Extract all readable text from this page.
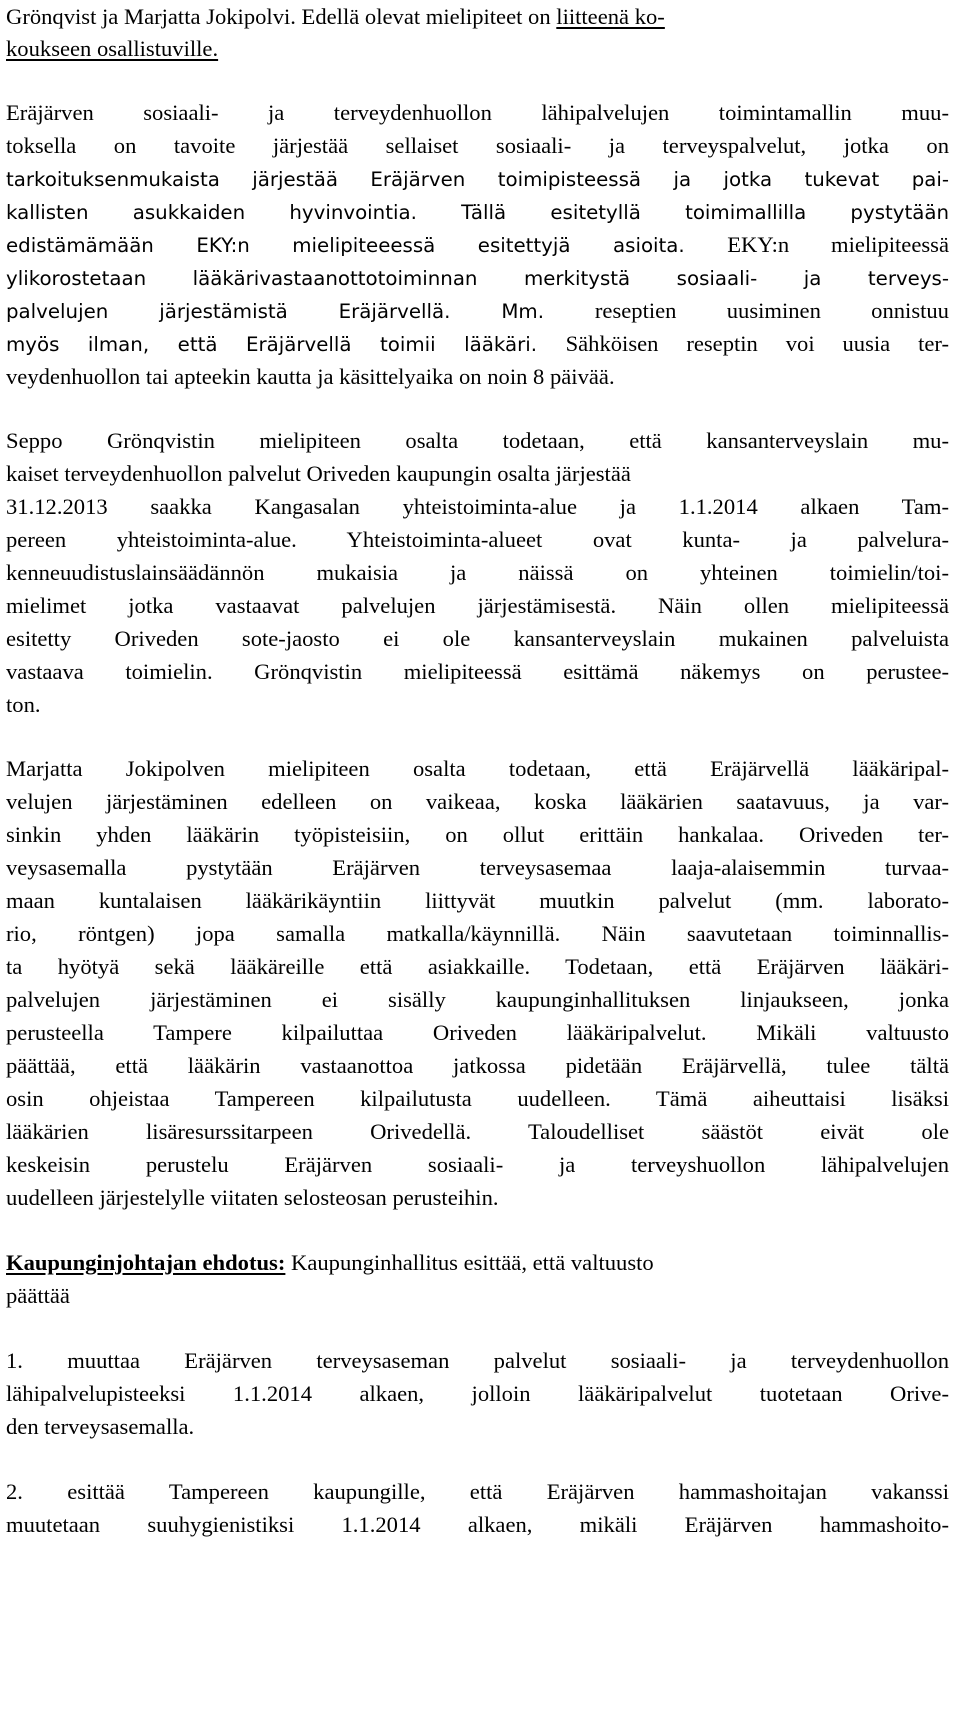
Grönqvist ja Marjatta Jokipolvi. Edellä olevat mielipiteet on liitteenä ko-
koukseen osallistuville.
Eräjärven sosiaali- ja terveydenhuollon lähipalvelujen toimintamallin muu-
toksella on tavoite järjestää sellaiset sosiaali- ja terveyspalvelut, jotka on
tarkoituksenmukaista järjestää Eräjärven toimipisteessä ja jotka tukevat pai-
kallisten asukkaiden hyvinvointia. Tällä esitetyllä toimimallilla pystytään
edistämämään EKY:n mielipiteeessä esitettyjä asioita. EKY:n mielipiteessä
ylikorostetaan lääkärivastaanottotoiminnan merkitystä sosiaali- ja terveys-
palvelujen järjestämistä Eräjärvellä. Mm. reseptien uusiminen onnistuu
myös ilman, että Eräjärvellä toimii lääkäri. Sähköisen reseptin voi uusia ter-
veydenhuollon tai apteekin kautta ja käsittelyaika on noin 8 päivää.
Seppo Grönqvistin mielipiteen osalta todetaan, että kansanterveyslain mu-
kaiset terveydenhuollon palvelut Oriveden kaupungin osalta järjestää
31.12.2013 saakka Kangasalan yhteistoiminta-alue ja 1.1.2014 alkaen Tam-
pereen yhteistoiminta-alue. Yhteistoiminta-alueet ovat kunta- ja palvelura-
kenneuudistuslainsäädännön mukaisia ja näissä on yhteinen toimielin/toi-
mielimet jotka vastaavat palvelujen järjestämisestä. Näin ollen mielipiteessä
esitetty Oriveden sote-jaosto ei ole kansanterveyslain mukainen palveluista
vastaava toimielin. Grönqvistin mielipiteessä esittämä näkemys on perustee-
ton.
Marjatta Jokipolven mielipiteen osalta todetaan, että Eräjärvellä lääkäripal-
velujen järjestäminen edelleen on vaikeaa, koska lääkärien saatavuus, ja var-
sinkin yhden lääkärin työpisteisiin, on ollut erittäin hankalaa. Oriveden ter-
veysasemalla pystytään Eräjärven terveysasemaa laaja-alaisemmin turvaa-
maan kuntalaisen lääkärikäyntiin liittyvät muutkin palvelut (mm. laborato-
rio, röntgen) jopa samalla matkalla/käynnillä. Näin saavutetaan toiminnallis-
ta hyötyä sekä lääkäreille että asiakkaille. Todetaan, että Eräjärven lääkäri-
palvelujen järjestäminen ei sisälly kaupunginhallituksen linjaukseen, jonka
perusteella Tampere kilpailuttaa Oriveden lääkäripalvelut. Mikäli valtuusto
päättää, että lääkärin vastaanottoa jatkossa pidetään Eräjärvellä, tulee tältä
osin ohjeistaa Tampereen kilpailutusta uudelleen. Tämä aiheuttaisi lisäksi
lääkärien lisäresurssitarpeen Orivedellä. Taloudelliset säästöt eivät ole
keskeisin perustelu Eräjärven sosiaali- ja terveyshuollon lähipalvelujen
uudelleen järjestelylle viitaten selosteosan perusteihin.
Kaupunginjohtajan ehdotus: Kaupunginhallitus esittää, että valtuusto
päättää
1. muuttaa Eräjärven terveysaseman palvelut sosiaali- ja terveydenhuollon
lähipalvelupisteeksi 1.1.2014 alkaen, jolloin lääkäripalvelut tuotetaan Orive-
den terveysasemalla.
2. esittää Tampereen kaupungille, että Eräjärven hammashoitajan vakanssi
muutetaan suuhygienistiksi 1.1.2014 alkaen, mikäli Eräjärven hammashoito-
